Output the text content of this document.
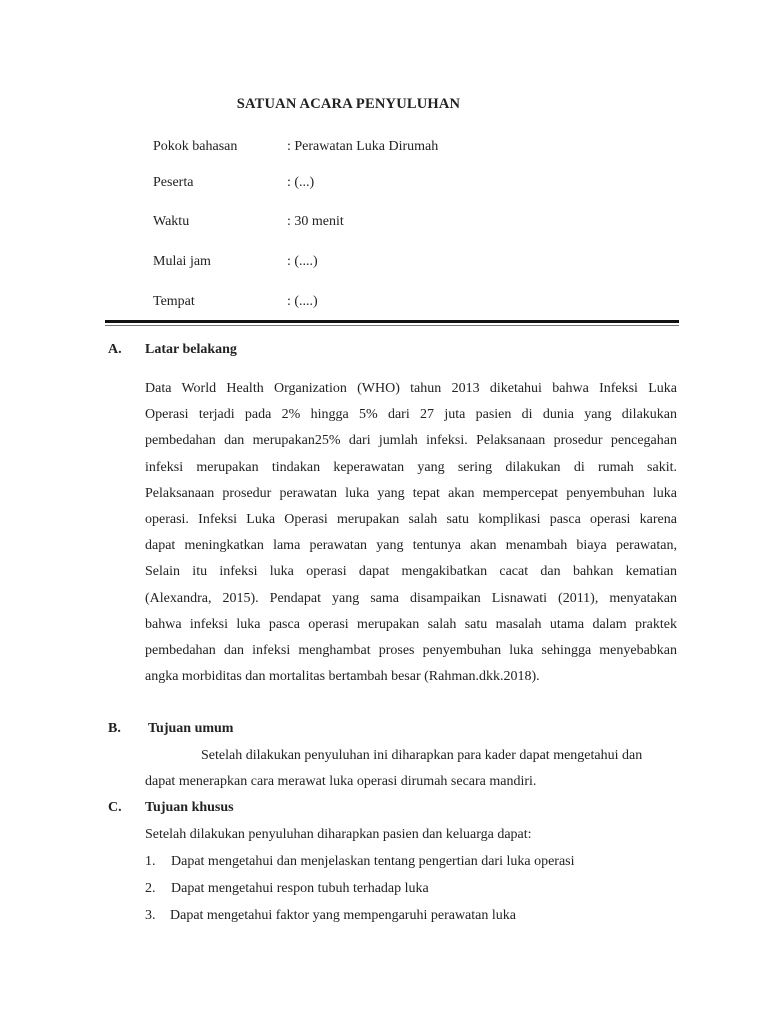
SATUAN ACARA PENYULUHAN
Pokok bahasan	: Perawatan Luka Dirumah
Peserta	: (...)
Waktu	: 30 menit
Mulai jam	: (....)
Tempat	: (....)
A. Latar belakang
Data World Health Organization (WHO) tahun 2013 diketahui bahwa Infeksi Luka
Operasi terjadi pada 2% hingga 5% dari 27 juta pasien di dunia yang dilakukan
pembedahan dan merupakan25% dari jumlah infeksi. Pelaksanaan prosedur pencegahan
infeksi merupakan tindakan keperawatan yang sering dilakukan di rumah sakit.
Pelaksanaan prosedur perawatan luka yang tepat akan mempercepat penyembuhan luka
operasi. Infeksi Luka Operasi merupakan salah satu komplikasi pasca operasi karena
dapat meningkatkan lama perawatan yang tentunya akan menambah biaya perawatan,
Selain itu infeksi luka operasi dapat mengakibatkan cacat dan bahkan kematian
(Alexandra, 2015). Pendapat yang sama disampaikan Lisnawati (2011), menyatakan
bahwa infeksi luka pasca operasi merupakan salah satu masalah utama dalam praktek
pembedahan dan infeksi menghambat proses penyembuhan luka sehingga menyebabkan
angka morbiditas dan mortalitas bertambah besar (Rahman.dkk.2018).
B. Tujuan umum
Setelah dilakukan penyuluhan ini diharapkan para kader dapat mengetahui dan
dapat menerapkan cara merawat luka operasi dirumah secara mandiri.
C. Tujuan khusus
Setelah dilakukan penyuluhan diharapkan pasien dan keluarga dapat:
1. Dapat mengetahui dan menjelaskan tentang pengertian dari luka operasi
2. Dapat mengetahui respon tubuh terhadap luka
3. Dapat mengetahui faktor yang mempengaruhi perawatan luka
